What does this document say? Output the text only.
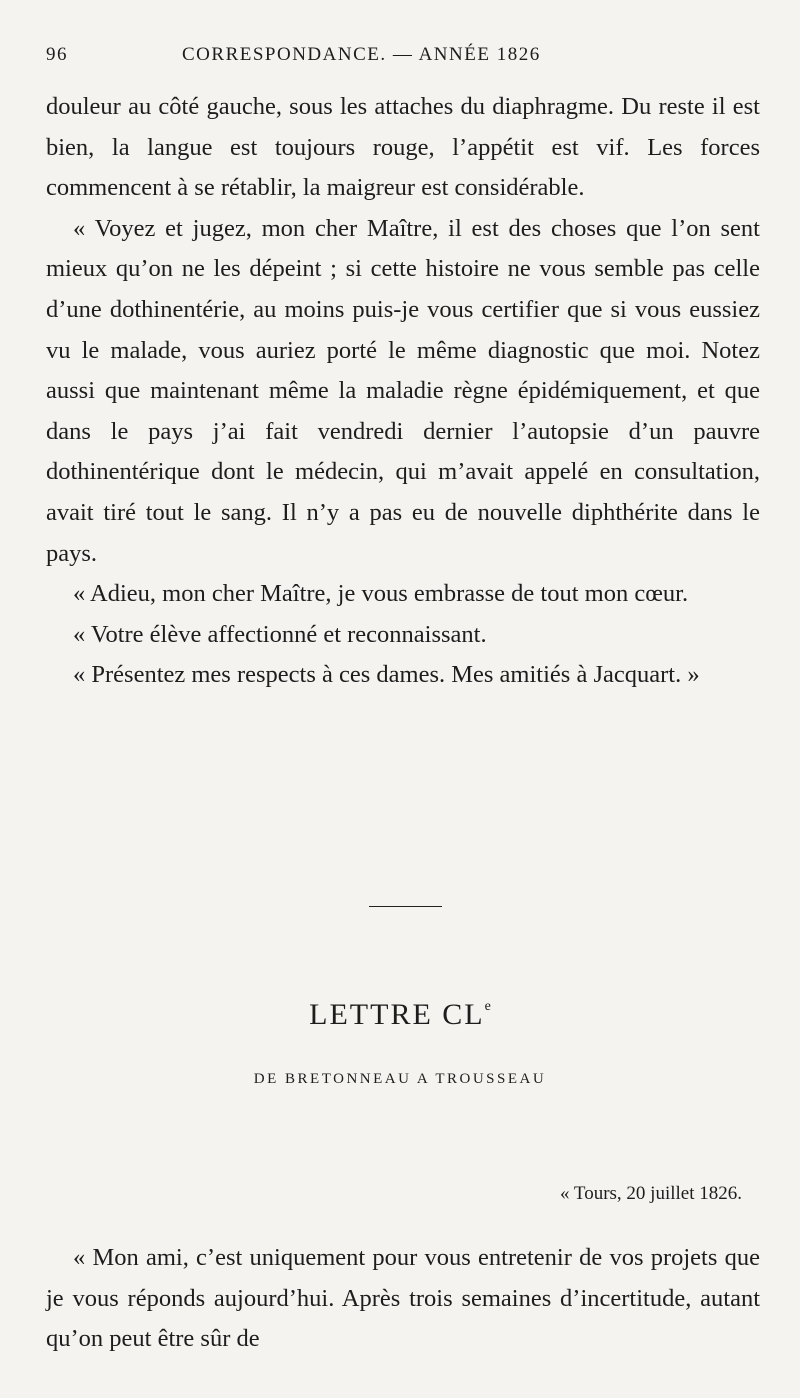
96	CORRESPONDANCE. — ANNÉE 1826

douleur au côté gauche, sous les attaches du diaphragme. Du reste il est bien, la langue est toujours rouge, l’appétit est vif. Les forces commencent à se rétablir, la maigreur est considérable.

« Voyez et jugez, mon cher Maître, il est des choses que l’on sent mieux qu’on ne les dépeint ; si cette histoire ne vous semble pas celle d’une dothinentérie, au moins puis-je vous certifier que si vous eussiez vu le malade, vous auriez porté le même diagnostic que moi. Notez aussi que maintenant même la maladie règne épidémiquement, et que dans le pays j’ai fait vendredi dernier l’autopsie d’un pauvre dothinentérique dont le médecin, qui m’avait appelé en consultation, avait tiré tout le sang. Il n’y a pas eu de nouvelle diphthérite dans le pays.

« Adieu, mon cher Maître, je vous embrasse de tout mon cœur.

« Votre élève affectionné et reconnaissant.

« Présentez mes respects à ces dames. Mes amitiés à Jacquart. »

LETTRE CLe
DE BRETONNEAU A TROUSSEAU
« Tours, 20 juillet 1826.

« Mon ami, c’est uniquement pour vous entretenir de vos projets que je vous réponds aujourd’hui. Après trois semaines d’incertitude, autant qu’on peut être sûr de
